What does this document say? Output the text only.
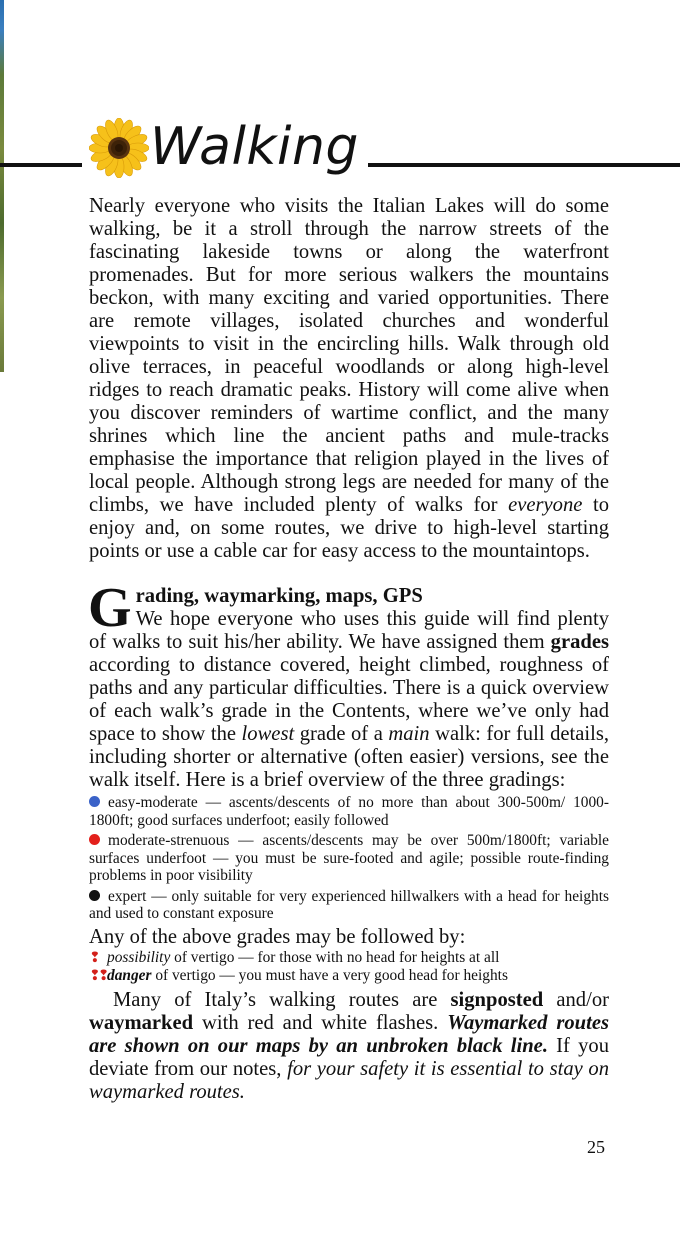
Walking

Nearly everyone who visits the Italian Lakes will do some walking, be it a stroll through the narrow streets of the fascinating lakeside towns or along the waterfront promenades. But for more serious walkers the mountains beckon, with many exciting and varied opportunities. There are remote villages, isolated churches and wonderful viewpoints to visit in the encircling hills. Walk through old olive terraces, in peaceful woodlands or along high-level ridges to reach dramatic peaks. History will come alive when you discover reminders of wartime conflict, and the many shrines which line the ancient paths and mule-tracks emphasise the importance that religion played in the lives of local people. Although strong legs are needed for many of the climbs, we have included plenty of walks for everyone to enjoy and, on some routes, we drive to high-level starting points or use a cable car for easy access to the mountaintops.

G rading, waymarking, maps, GPS

We hope everyone who uses this guide will find plenty of walks to suit his/her ability. We have assigned them grades according to distance covered, height climbed, roughness of paths and any particular difficulties. There is a quick overview of each walk’s grade in the Contents, where we’ve only had space to show the lowest grade of a main walk: for full details, including shorter or alternative (often easier) versions, see the walk itself. Here is a brief overview of the three gradings:

easy-moderate — ascents/descents of no more than about 300-500m/ 1000-1800ft; good surfaces underfoot; easily followed

moderate-strenuous — ascents/descents may be over 500m/1800ft; variable surfaces underfoot — you must be sure-footed and agile; possible route-finding problems in poor visibility

expert — only suitable for very experienced hillwalkers with a head for heights and used to constant exposure

Any of the above grades may be followed by:

❢ possibility of vertigo — for those with no head for heights at all

❢❢danger of vertigo — you must have a very good head for heights

Many of Italy’s walking routes are signposted and/or waymarked with red and white flashes. Waymarked routes are shown on our maps by an unbroken black line. If you deviate from our notes, for your safety it is essential to stay on waymarked routes.

25
